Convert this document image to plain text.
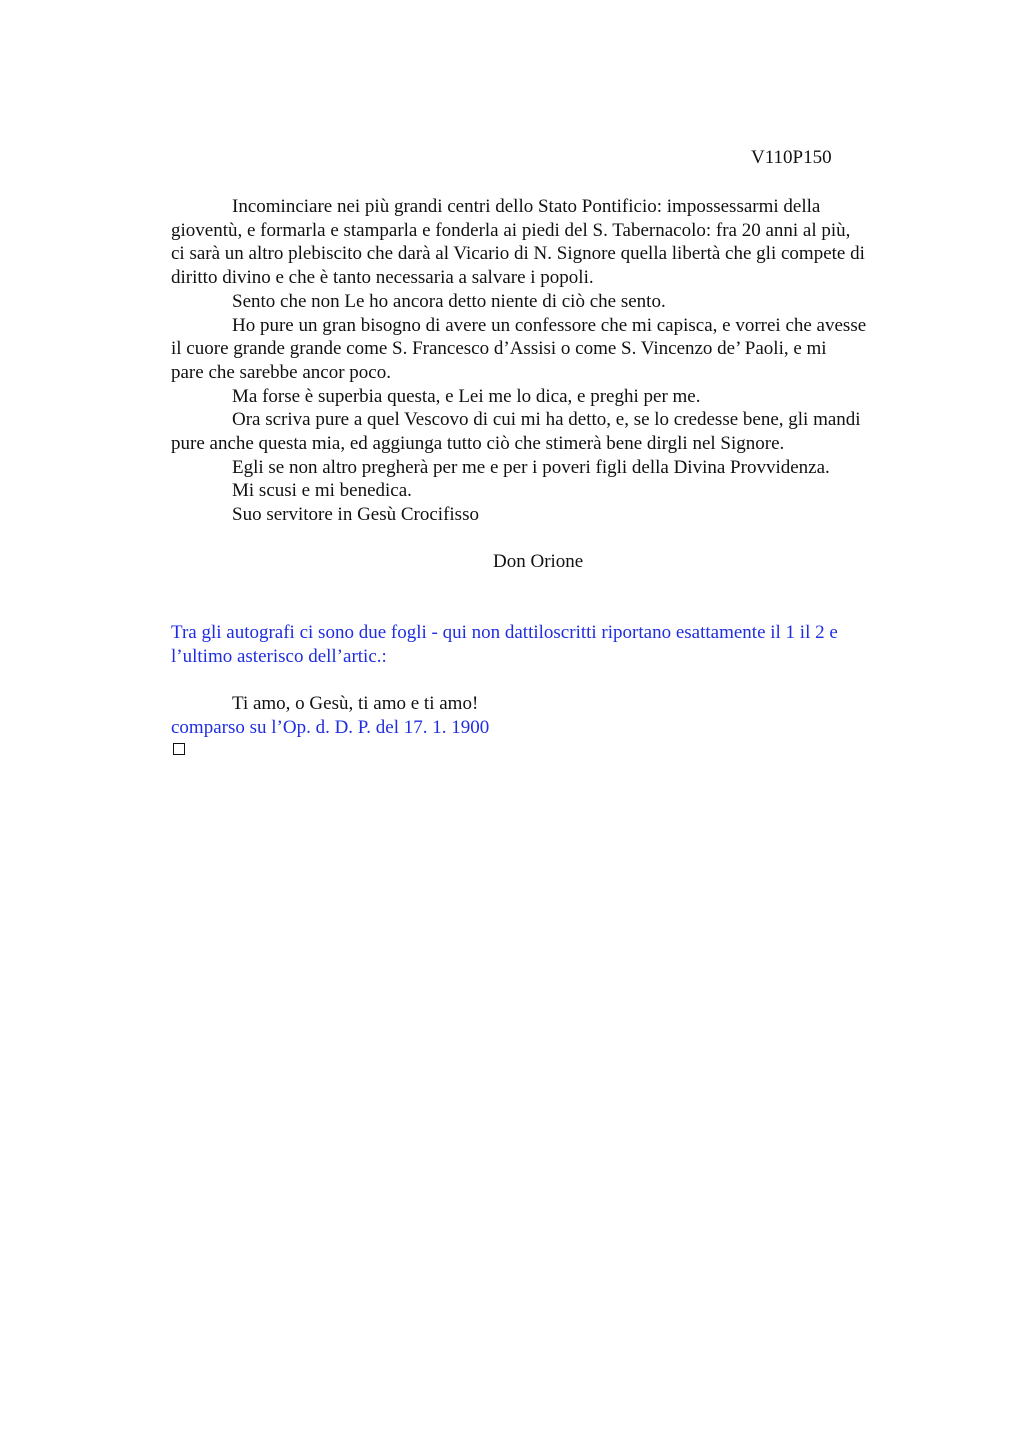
V110P150

Incominciare nei più grandi centri dello Stato Pontificio: impossessarmi della
gioventù, e formarla e stamparla e fonderla ai piedi del S. Tabernacolo: fra 20 anni al più,
ci sarà un altro plebiscito che darà al Vicario di N. Signore quella libertà che gli compete di
diritto divino e che è tanto necessaria a salvare i popoli.

Sento che non Le ho ancora detto niente di ciò che sento.

Ho pure un gran bisogno di avere un confessore che mi capisca, e vorrei che avesse
il cuore grande grande come S. Francesco d’Assisi o come S. Vincenzo de’ Paoli, e mi
pare che sarebbe ancor poco.

Ma forse è superbia questa, e Lei me lo dica, e preghi per me.

Ora scriva pure a quel Vescovo di cui mi ha detto, e, se lo credesse bene, gli mandi
pure anche questa mia, ed aggiunga tutto ciò che stimerà bene dirgli nel Signore.

Egli se non altro pregherà per me e per i poveri figli della Divina Provvidenza.

Mi scusi e mi benedica.

Suo servitore in Gesù Crocifisso

Don Orione
Tra gli autografi ci sono due fogli - qui non dattiloscritti riportano esattamente il 1 il 2 e
l’ultimo asterisco dell’artic.:
Ti amo, o Gesù, ti amo e ti amo!
comparso su l’Op. d. D. P. del 17. 1. 1900
